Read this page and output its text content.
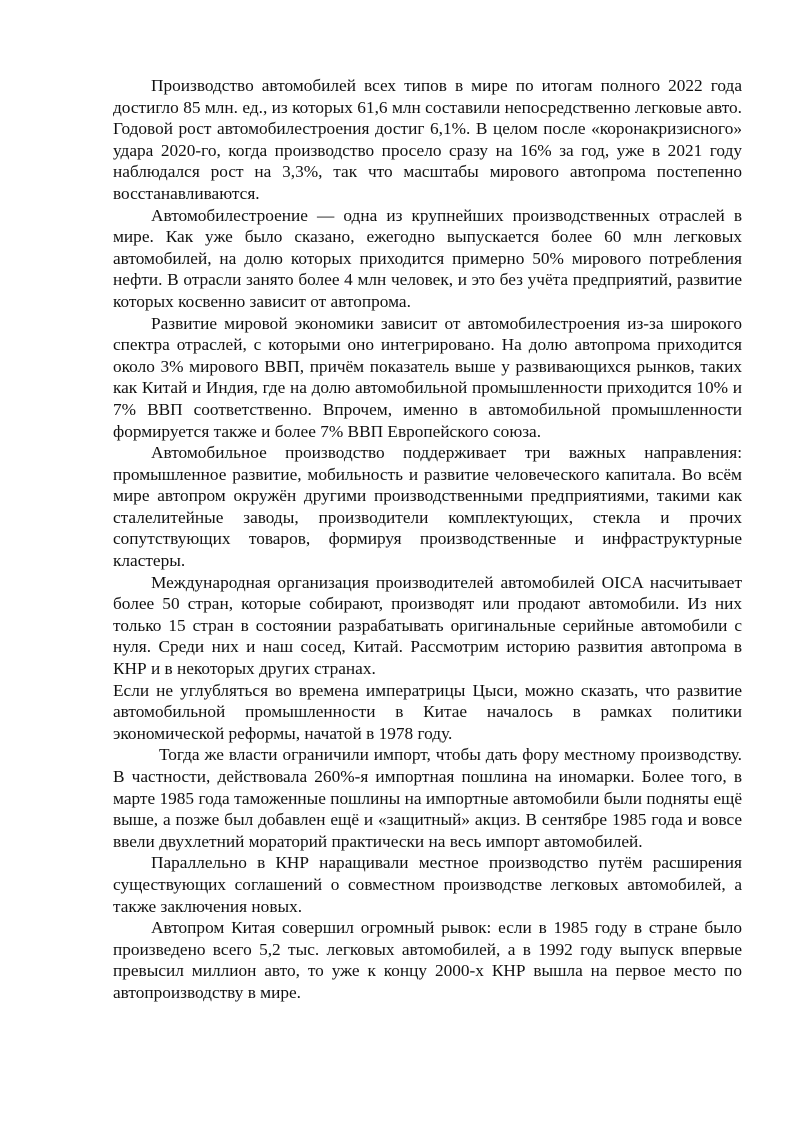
Производство автомобилей всех типов в мире по итогам полного 2022 года достигло 85 млн. ед., из которых 61,6 млн составили непосредственно легковые авто. Годовой рост автомобилестроения достиг 6,1%. В целом после «коронакризисного» удара 2020-го, когда производство просело сразу на 16% за год, уже в 2021 году наблюдался рост на 3,3%, так что масштабы мирового автопрома постепенно восстанавливаются.

Автомобилестроение — одна из крупнейших производственных отраслей в мире. Как уже было сказано, ежегодно выпускается более 60 млн легковых автомобилей, на долю которых приходится примерно 50% мирового потребления нефти. В отрасли занято более 4 млн человек, и это без учёта предприятий, развитие которых косвенно зависит от автопрома.

Развитие мировой экономики зависит от автомобилестроения из-за широкого спектра отраслей, с которыми оно интегрировано. На долю автопрома приходится около 3% мирового ВВП, причём показатель выше у развивающихся рынков, таких как Китай и Индия, где на долю автомобильной промышленности приходится 10% и 7% ВВП соответственно. Впрочем, именно в автомобильной промышленности формируется также и более 7% ВВП Европейского союза.

Автомобильное производство поддерживает три важных направления: промышленное развитие, мобильность и развитие человеческого капитала. Во всём мире автопром окружён другими производственными предприятиями, такими как сталелитейные заводы, производители комплектующих, стекла и прочих сопутствующих товаров, формируя производственные и инфраструктурные кластеры.

Международная организация производителей автомобилей OICA насчитывает более 50 стран, которые собирают, производят или продают автомобили. Из них только 15 стран в состоянии разрабатывать оригинальные серийные автомобили с нуля. Среди них и наш сосед, Китай. Рассмотрим историю развития автопрома в КНР и в некоторых других странах.

Если не углубляться во времена императрицы Цыси, можно сказать, что развитие автомобильной промышленности в Китае началось в рамках политики экономической реформы, начатой в 1978 году.

Тогда же власти ограничили импорт, чтобы дать фору местному производству. В частности, действовала 260%-я импортная пошлина на иномарки. Более того, в марте 1985 года таможенные пошлины на импортные автомобили были подняты ещё выше, а позже был добавлен ещё и «защитный» акциз. В сентябре 1985 года и вовсе ввели двухлетний мораторий практически на весь импорт автомобилей.

Параллельно в КНР наращивали местное производство путём расширения существующих соглашений о совместном производстве легковых автомобилей, а также заключения новых.

Автопром Китая совершил огромный рывок: если в 1985 году в стране было произведено всего 5,2 тыс. легковых автомобилей, а в 1992 году выпуск впервые превысил миллион авто, то уже к концу 2000-х КНР вышла на первое место по автопроизводству в мире.
